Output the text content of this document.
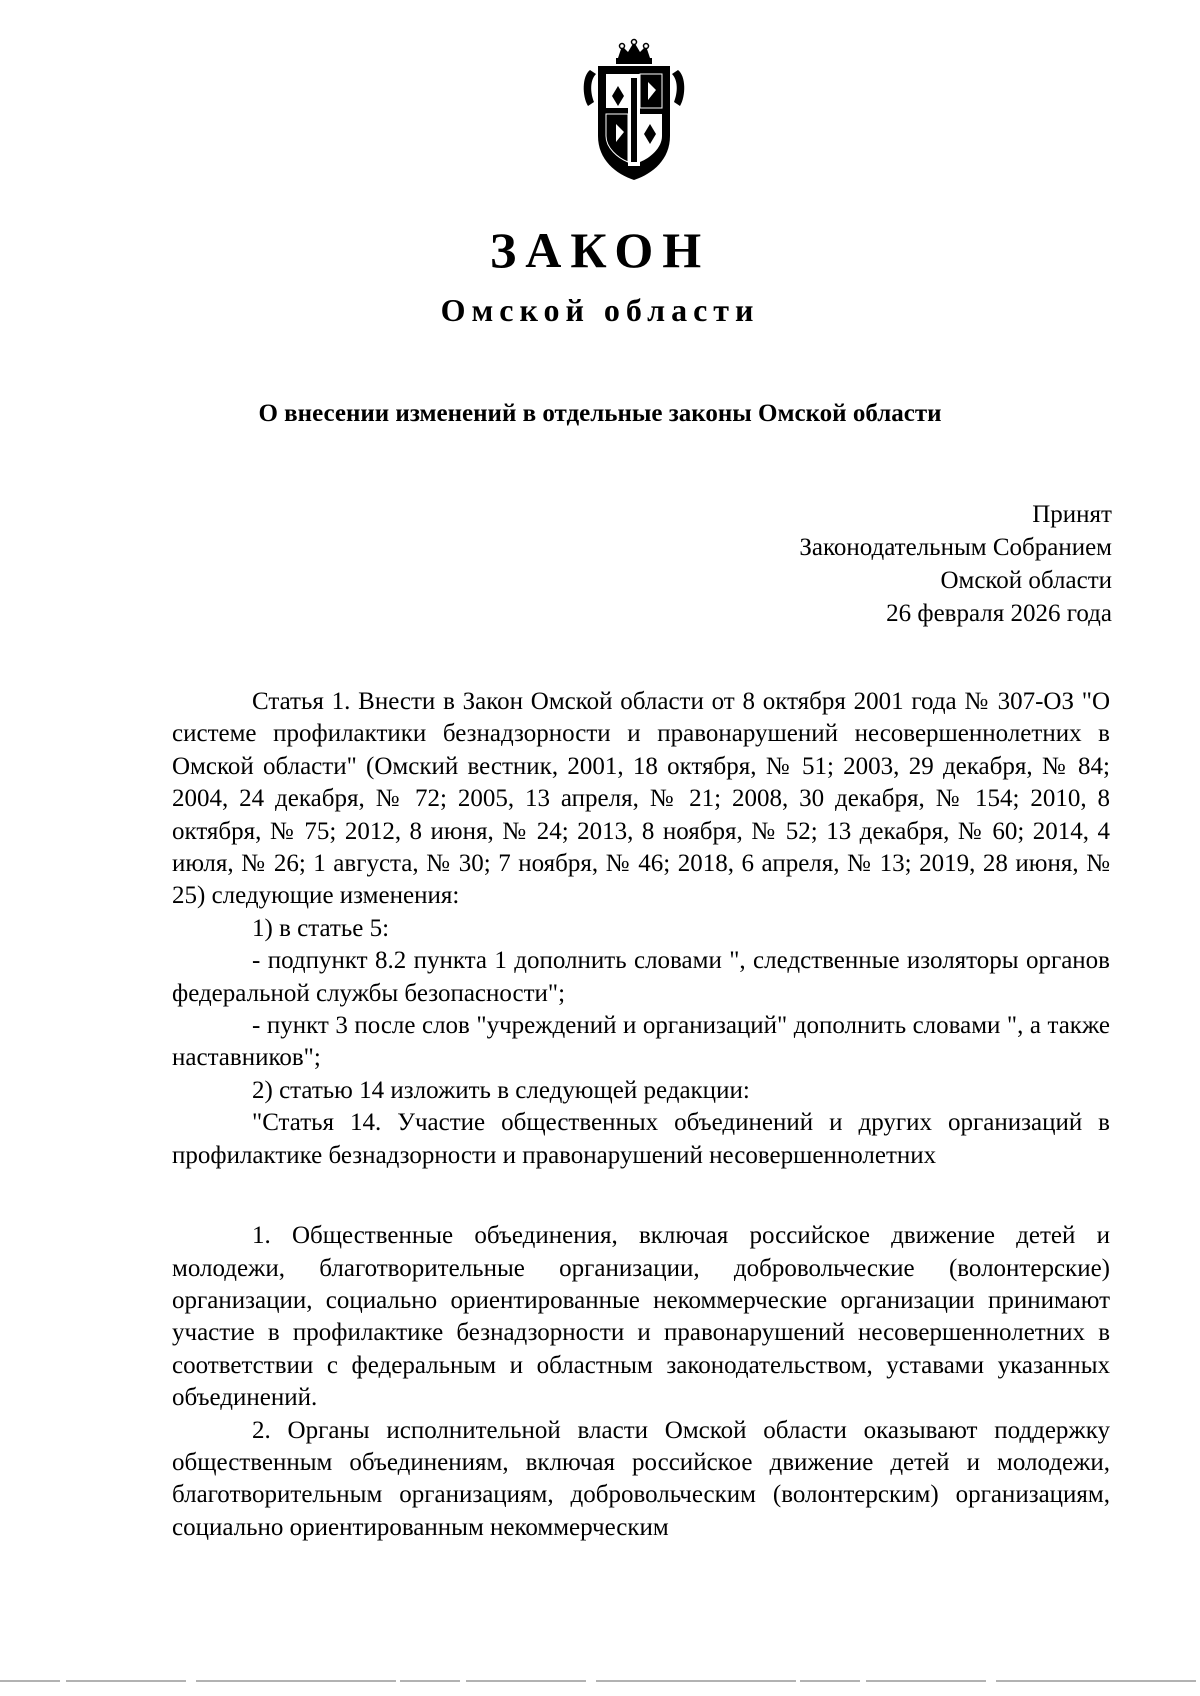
ЗАКОН
Омской области
О внесении изменений в отдельные законы Омской области
Принят
Законодательным Собранием
Омской области
26 февраля 2026 года

Статья 1. Внести в Закон Омской области от 8 октября 2001 года № 307-ОЗ "О системе профилактики безнадзорности и правонарушений несовершеннолетних в Омской области" (Омский вестник, 2001, 18 октября, № 51; 2003, 29 декабря, № 84; 2004, 24 декабря, № 72; 2005, 13 апреля, № 21; 2008, 30 декабря, № 154; 2010, 8 октября, № 75; 2012, 8 июня, № 24; 2013, 8 ноября, № 52; 13 декабря, № 60; 2014, 4 июля, № 26; 1 августа, № 30; 7 ноября, № 46; 2018, 6 апреля, № 13; 2019, 28 июня, № 25) следующие изменения:

1) в статье 5:

- подпункт 8.2 пункта 1 дополнить словами ", следственные изоляторы органов федеральной службы безопасности";

- пункт 3 после слов "учреждений и организаций" дополнить словами ", а также наставников";

2) статью 14 изложить в следующей редакции:

"Статья 14. Участие общественных объединений и других организаций в профилактике безнадзорности и правонарушений несовершеннолетних

1. Общественные объединения, включая российское движение детей и молодежи, благотворительные организации, добровольческие (волонтерские) организации, социально ориентированные некоммерческие организации принимают участие в профилактике безнадзорности и правонарушений несовершеннолетних в соответствии с федеральным и областным законодательством, уставами указанных объединений.

2. Органы исполнительной власти Омской области оказывают поддержку общественным объединениям, включая российское движение детей и молодежи, благотворительным организациям, добровольческим (волонтерским) организациям, социально ориентированным некоммерческим
